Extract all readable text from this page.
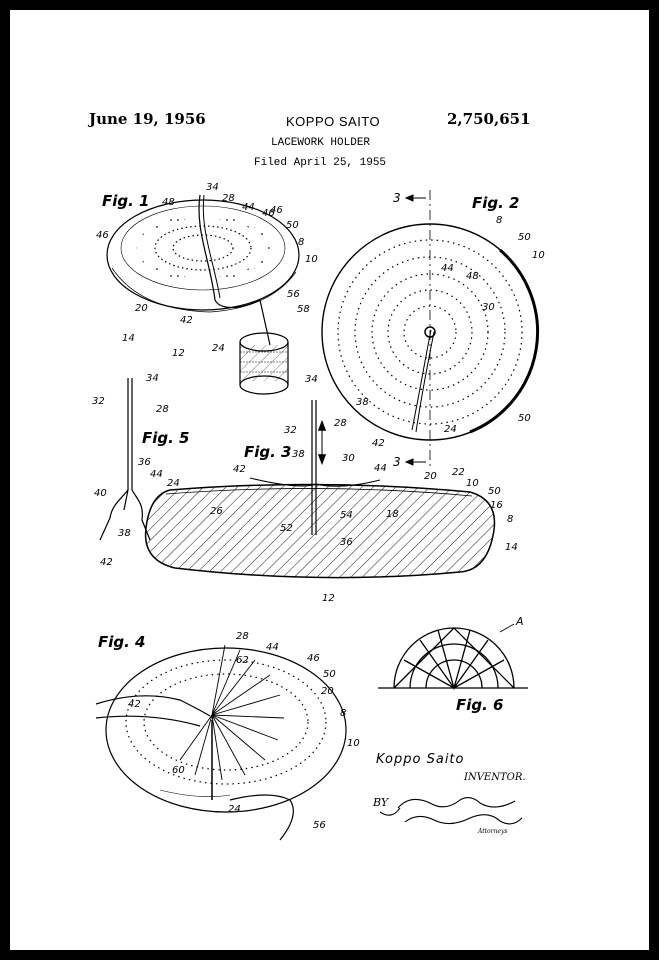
June 19, 1956	KOPPO SAITO	2,750,651
LACEWORK HOLDER
Filed April 25, 1955
Fig. 1	Fig. 2
Fig. 5
Fig. 3
Fig. 4
Fig. 6
3
3
A
34
28
48	44
46
46
50
8
10
46
20
42
56
58
14
12	24
8
50
10
44
48
30
38
50
42
24
34
32
28
36
44
40
38
42
34
28
32
38	30
42	44	22
20
10
50
24
26	18
16
8
52
54
14
36
12
28
62
44
46
50
20
42
8
10
60
24
56
Koppo Saito
INVENTOR.
BY
Attorneys
